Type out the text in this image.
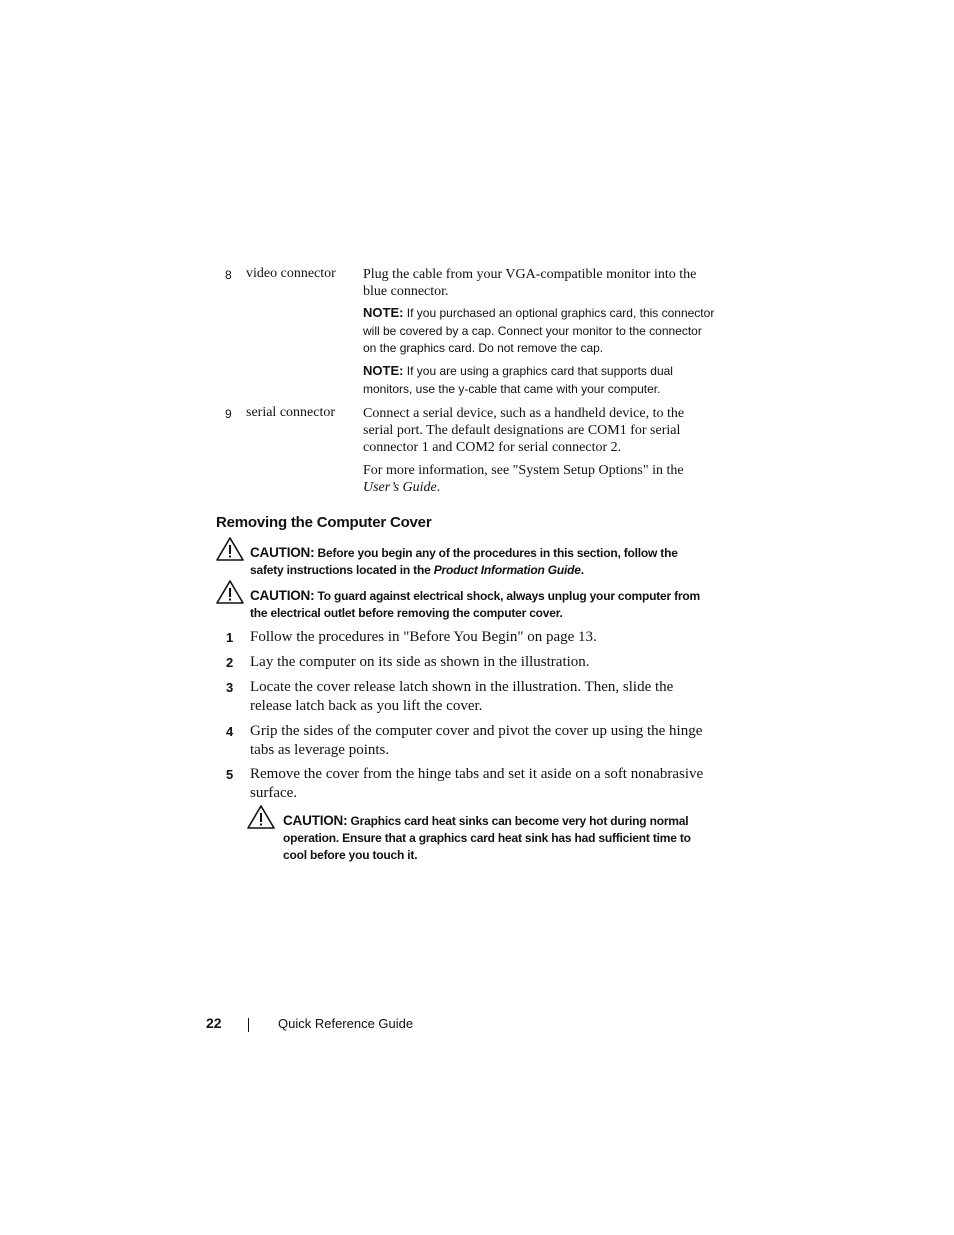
8 video connector Plug the cable from your VGA-compatible monitor into the blue connector.
NOTE: If you purchased an optional graphics card, this connector will be covered by a cap. Connect your monitor to the connector on the graphics card. Do not remove the cap.
NOTE: If you are using a graphics card that supports dual monitors, use the y-cable that came with your computer.
9 serial connector Connect a serial device, such as a handheld device, to the serial port. The default designations are COM1 for serial connector 1 and COM2 for serial connector 2.
For more information, see "System Setup Options" in the User’s Guide.
Removing the Computer Cover
CAUTION: Before you begin any of the procedures in this section, follow the safety instructions located in the Product Information Guide.
CAUTION: To guard against electrical shock, always unplug your computer from the electrical outlet before removing the computer cover.
1 Follow the procedures in "Before You Begin" on page 13.
2 Lay the computer on its side as shown in the illustration.
3 Locate the cover release latch shown in the illustration. Then, slide the release latch back as you lift the cover.
4 Grip the sides of the computer cover and pivot the cover up using the hinge tabs as leverage points.
5 Remove the cover from the hinge tabs and set it aside on a soft nonabrasive surface.
CAUTION: Graphics card heat sinks can become very hot during normal operation. Ensure that a graphics card heat sink has had sufficient time to cool before you touch it.
22	Quick Reference Guide
